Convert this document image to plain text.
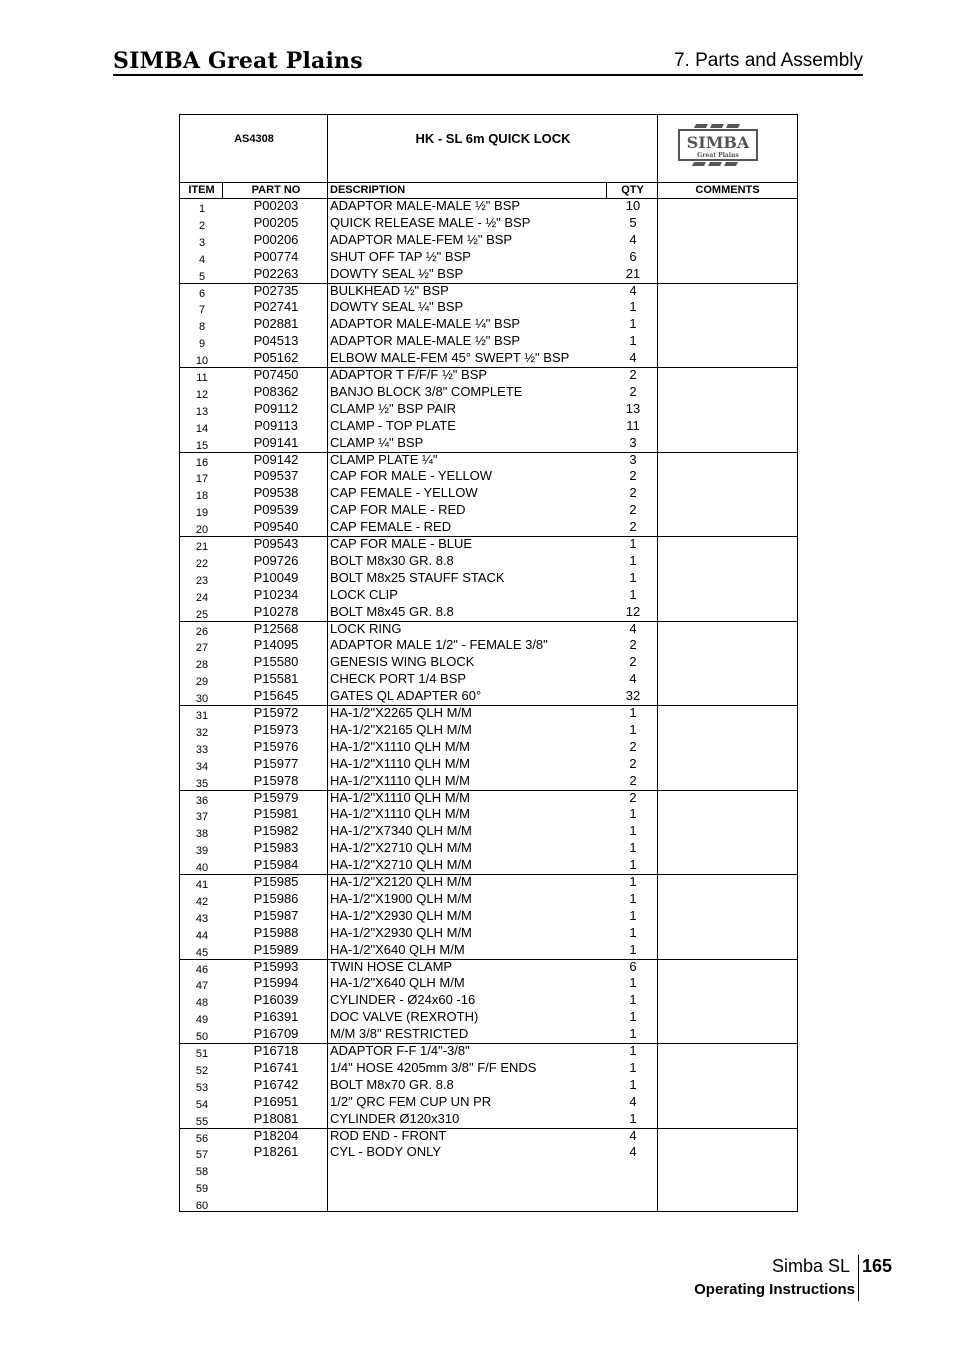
SIMBA Great Plains	7. Parts and Assembly
AS4308	HK - SL 6m QUICK LOCK	SIMBA
Great Plains
ITEM	PART NO	DESCRIPTION	QTY	COMMENTS
1	P00203	ADAPTOR MALE-MALE ½" BSP	10
2	P00205	QUICK RELEASE MALE - ½" BSP	5
3	P00206	ADAPTOR MALE-FEM ½" BSP	4
4	P00774	SHUT OFF TAP ½" BSP	6
5	P02263	DOWTY SEAL ½" BSP	21
6	P02735	BULKHEAD ½" BSP	4
7	P02741	DOWTY SEAL ¼" BSP	1
8	P02881	ADAPTOR MALE-MALE ¼" BSP	1
9	P04513	ADAPTOR MALE-MALE ½" BSP	1
10	P05162	ELBOW MALE-FEM 45° SWEPT ½" BSP	4
11	P07450	ADAPTOR T F/F/F ½" BSP	2
12	P08362	BANJO BLOCK 3/8" COMPLETE	2
13	P09112	CLAMP ½" BSP PAIR	13
14	P09113	CLAMP - TOP PLATE	11
15	P09141	CLAMP ¼" BSP	3
16	P09142	CLAMP PLATE ¼"	3
17	P09537	CAP FOR MALE - YELLOW	2
18	P09538	CAP FEMALE - YELLOW	2
19	P09539	CAP FOR MALE - RED	2
20	P09540	CAP FEMALE - RED	2
21	P09543	CAP FOR MALE - BLUE	1
22	P09726	BOLT M8x30 GR. 8.8	1
23	P10049	BOLT M8x25 STAUFF STACK	1
24	P10234	LOCK CLIP	1
25	P10278	BOLT M8x45 GR. 8.8	12
26	P12568	LOCK RING	4
27	P14095	ADAPTOR MALE 1/2" - FEMALE 3/8"	2
28	P15580	GENESIS WING BLOCK	2
29	P15581	CHECK PORT 1/4 BSP	4
30	P15645	GATES QL ADAPTER 60°	32
31	P15972	HA-1/2"X2265 QLH M/M	1
32	P15973	HA-1/2"X2165 QLH M/M	1
33	P15976	HA-1/2"X1110 QLH M/M	2
34	P15977	HA-1/2"X1110 QLH M/M	2
35	P15978	HA-1/2"X1110 QLH M/M	2
36	P15979	HA-1/2"X1110 QLH M/M	2
37	P15981	HA-1/2"X1110 QLH M/M	1
38	P15982	HA-1/2"X7340 QLH M/M	1
39	P15983	HA-1/2"X2710 QLH M/M	1
40	P15984	HA-1/2"X2710 QLH M/M	1
41	P15985	HA-1/2"X2120 QLH M/M	1
42	P15986	HA-1/2"X1900 QLH M/M	1
43	P15987	HA-1/2"X2930 QLH M/M	1
44	P15988	HA-1/2"X2930 QLH M/M	1
45	P15989	HA-1/2"X640 QLH M/M	1
46	P15993	TWIN HOSE CLAMP	6
47	P15994	HA-1/2"X640 QLH M/M	1
48	P16039	CYLINDER - Ø24x60 -16	1
49	P16391	DOC VALVE (REXROTH)	1
50	P16709	M/M 3/8" RESTRICTED	1
51	P16718	ADAPTOR F-F 1/4"-3/8"	1
52	P16741	1/4" HOSE 4205mm 3/8" F/F ENDS	1
53	P16742	BOLT M8x70 GR. 8.8	1
54	P16951	1/2" QRC FEM CUP UN PR	4
55	P18081	CYLINDER Ø120x310	1
56	P18204	ROD END - FRONT	4
57	P18261	CYL - BODY ONLY	4
58
59
60
Simba SL 165
Operating Instructions
